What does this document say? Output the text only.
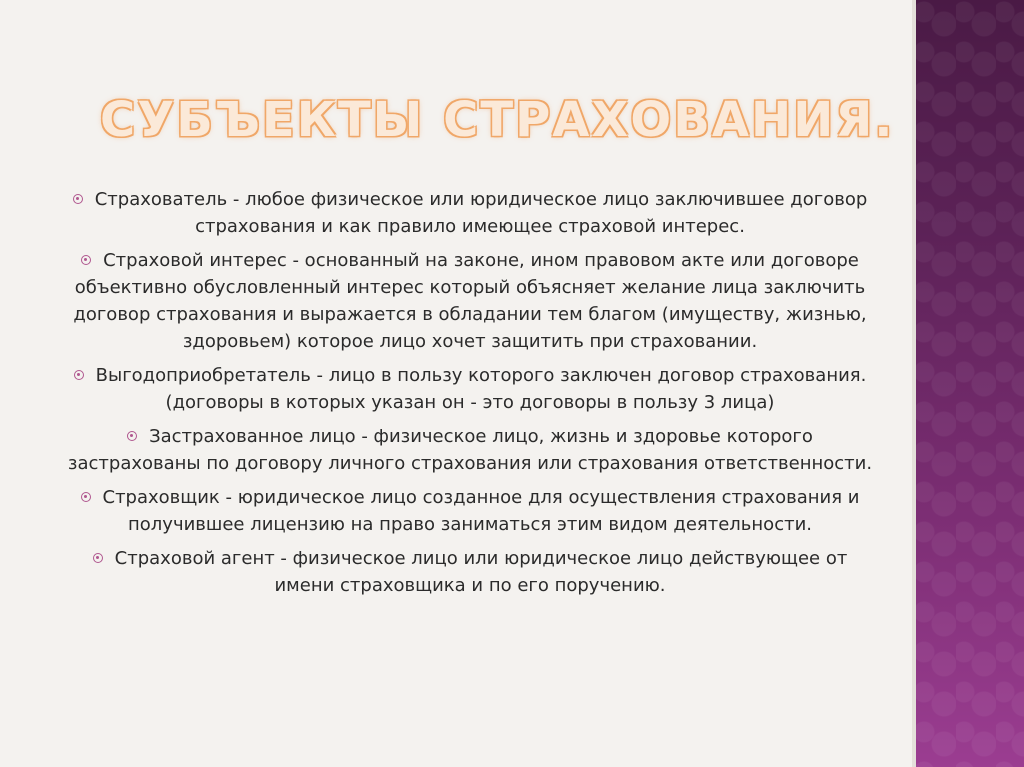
СУБЪЕКТЫ СТРАХОВАНИЯ.
Страхователь - любое физическое или юридическое лицо заключившее договор страхования и как правило имеющее страховой интерес.
Страховой интерес - основанный на законе, ином правовом акте или договоре объективно обусловленный интерес который объясняет желание лица заключить договор страхования и выражается в обладании тем благом (имуществу, жизнью, здоровьем) которое лицо хочет защитить при страховании.
Выгодоприобретатель - лицо в пользу которого заключен договор страхования. (договоры в которых указан он - это договоры в пользу 3 лица)
Застрахованное лицо - физическое лицо, жизнь и здоровье которого застрахованы по договору личного страхования или страхования ответственности.
Страховщик - юридическое лицо созданное для осуществления страхования и получившее лицензию на право заниматься этим видом деятельности.
Страховой агент - физическое лицо или юридическое лицо действующее от имени страховщика и по его поручению.
